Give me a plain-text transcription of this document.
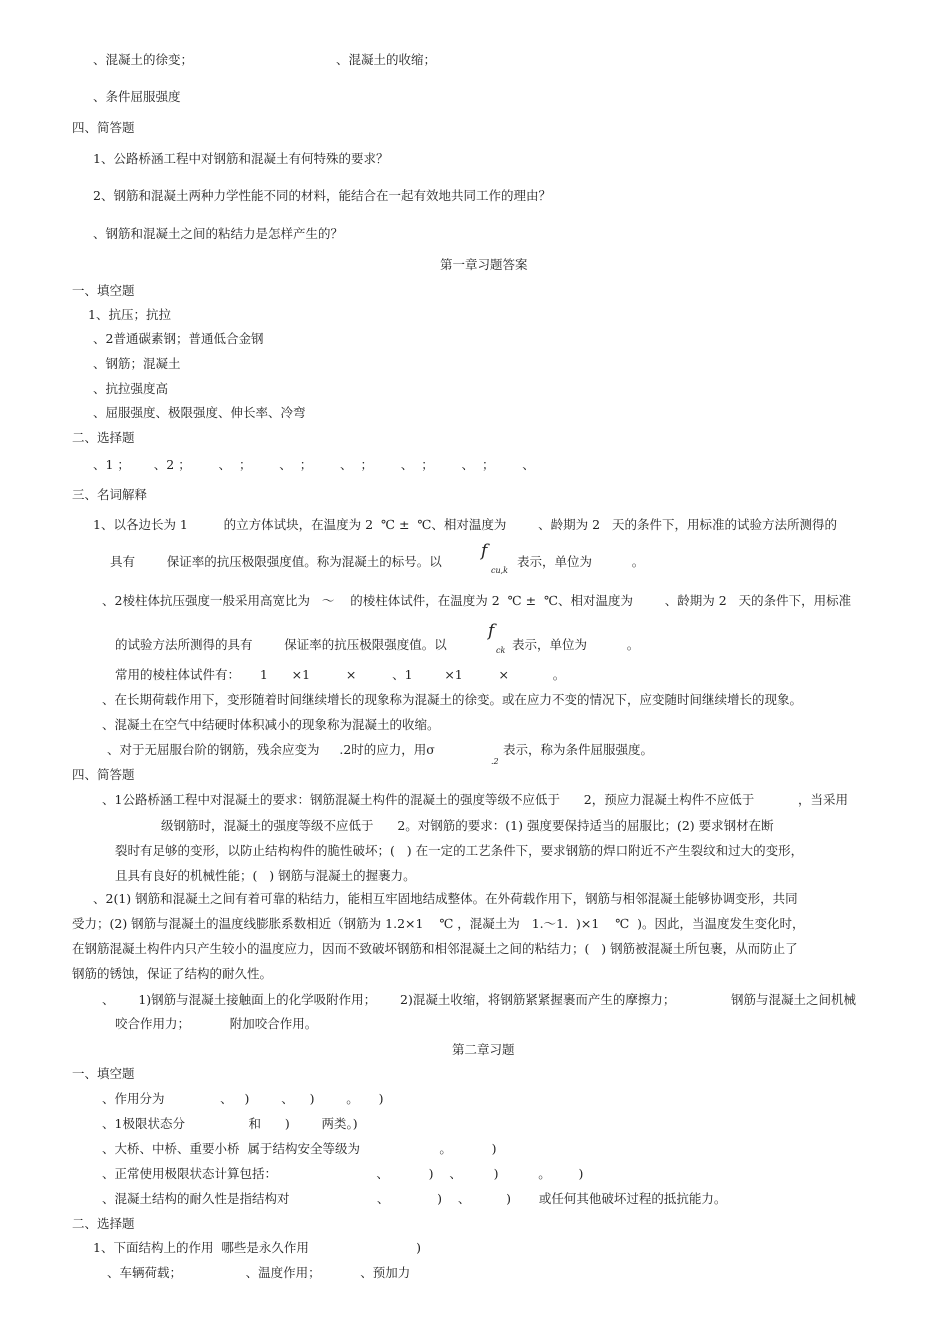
、混凝土的徐变；                                    、混凝土的收缩；
、条件屈服强度
四、简答题
1、公路桥涵工程中对钢筋和混凝土有何特殊的要求？
2、钢筋和混凝土两种力学性能不同的材料，能结合在一起有效地共同工作的理由？
、钢筋和混凝土之间的粘结力是怎样产生的？
第一章习题答案
一、填空题
1、抗压；抗拉
、2普通碳素钢；普通低合金钢
、钢筋；混凝土
、抗拉强度高
、屈服强度、极限强度、伸长率、冷弯
二、选择题
、1 ；      、2 ；       、  ；       、  ；       、  ；       、  ；       、  ；       、
三、名词解释
1、以各边长为 1         的立方体试块，在温度为 2  ℃ ±  ℃、相对温度为        、龄期为 2   天的条件下，用标准的试验方法所测得的
具有        保证率的抗压极限强度值。称为混凝土的标号。以
f
cu,k
表示，单位为          。
、2棱柱体抗压强度一般采用高宽比为   ～    的棱柱体试件，在温度为 2  ℃ ±  ℃、相对温度为        、龄期为 2   天的条件下，用标准
的试验方法所测得的具有        保证率的抗压极限强度值。以
f
ck 表示，单位为          。
常用的棱柱体试件有：     1      ×1         ×         、1        ×1         ×           。
、在长期荷载作用下，变形随着时间继续增长的现象称为混凝土的徐变。或在应力不变的情况下，应变随时间继续增长的现象。
、混凝土在空气中结硬时体积减小的现象称为混凝土的收缩。
、对于无屈服台阶的钢筋，残余应变为     .2时的应力，用σ
.2
表示，称为条件屈服强度。
四、简答题
、1公路桥涵工程中对混凝土的要求：钢筋混凝土构件的混凝土的强度等级不应低于      2，预应力混凝土构件不应低于           ，当采用
级钢筋时，混凝土的强度等级不应低于      2。对钢筋的要求：(1) 强度要保持适当的屈服比；(2) 要求钢材在断
裂时有足够的变形，以防止结构构件的脆性破坏；(   ) 在一定的工艺条件下，要求钢筋的焊口附近不产生裂纹和过大的变形，
且具有良好的机械性能；(   ) 钢筋与混凝土的握裹力。
、2(1) 钢筋和混凝土之间有着可靠的粘结力，能相互牢固地结成整体。在外荷载作用下，钢筋与相邻混凝土能够协调变形，共同
受力；(2) 钢筋与混凝土的温度线膨胀系数相近（钢筋为 1.2×1    ℃ ，混凝土为   1.～1.  )×1    ℃  )。因此，当温度发生变化时，
在钢筋混凝土构件内只产生较小的温度应力，因而不致破坏钢筋和相邻混凝土之间的粘结力；(   ) 钢筋被混凝土所包裹，从而防止了
钢筋的锈蚀，保证了结构的耐久性。
、      1)钢筋与混凝土接触面上的化学吸附作用；      2)混凝土收缩，将钢筋紧紧握裹而产生的摩擦力；              钢筋与混凝土之间机械
咬合作用力；          附加咬合作用。
第二章习题
一、填空题
、作用分为              、   )        、    )        。     )
、1极限状态分                和      )        两类。)
、大桥、中桥、重要小桥  属于结构安全等级为                    。          )
、正常使用极限状态计算包括：                         、          )    、        )          。       )
、混凝土结构的耐久性是指结构对                      、            )    、         )       或任何其他破坏过程的抵抗能力。
二、选择题
1、下面结构上的作用  哪些是永久作用                           )
、车辆荷载；                、温度作用；          、预加力
